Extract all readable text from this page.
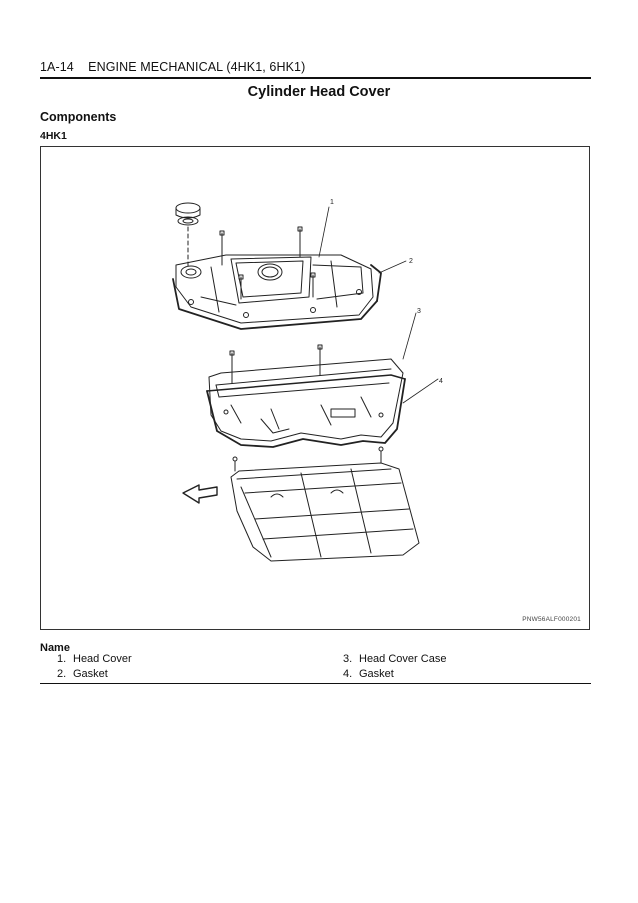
1A-14 ENGINE MECHANICAL (4HK1, 6HK1)
Cylinder Head Cover
Components
4HK1
1
2
3
4
PNW56ALF000201
Name
1. Head Cover
2. Gasket
3. Head Cover Case
4. Gasket
